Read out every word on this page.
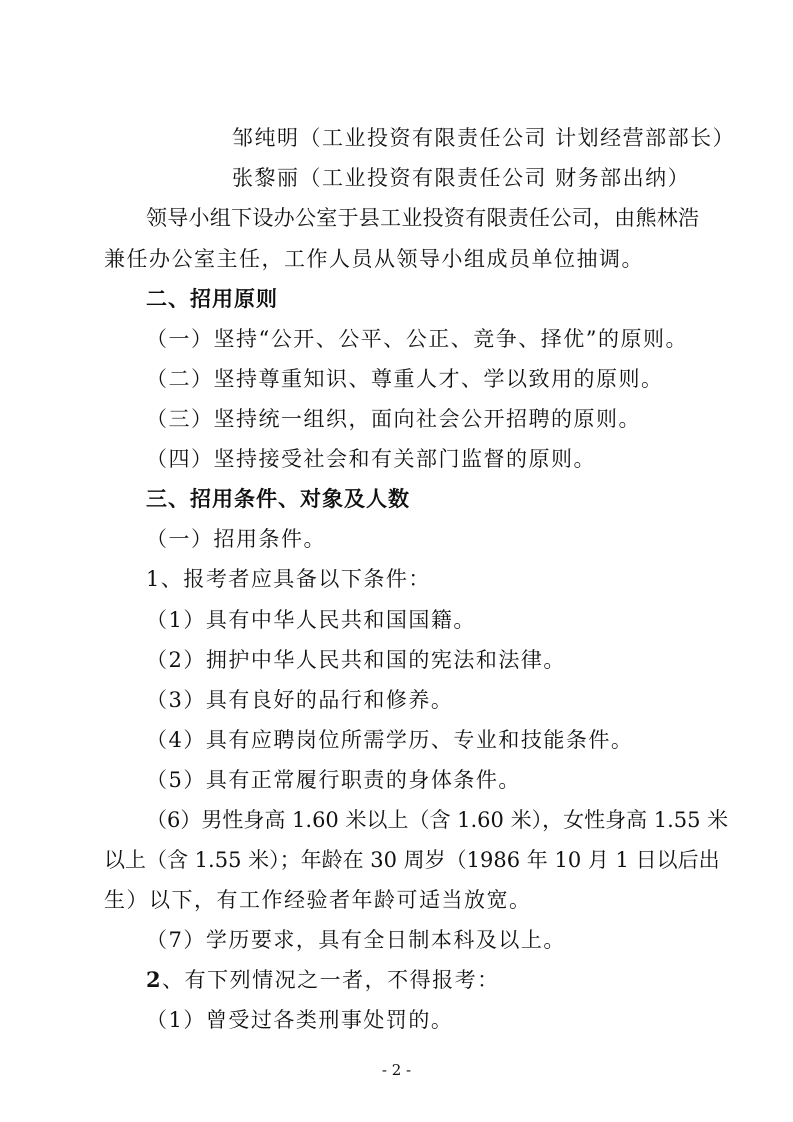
邹纯明（工业投资有限责任公司 计划经营部部长）
张黎丽（工业投资有限责任公司 财务部出纳）
领导小组下设办公室于县工业投资有限责任公司，由熊林浩
兼任办公室主任，工作人员从领导小组成员单位抽调。
二、招用原则
（一）坚持“公开、公平、公正、竞争、择优”的原则。
（二）坚持尊重知识、尊重人才、学以致用的原则。
（三）坚持统一组织，面向社会公开招聘的原则。
（四）坚持接受社会和有关部门监督的原则。
三、招用条件、对象及人数
（一）招用条件。
1、报考者应具备以下条件：
（1）具有中华人民共和国国籍。
（2）拥护中华人民共和国的宪法和法律。
（3）具有良好的品行和修养。
（4）具有应聘岗位所需学历、专业和技能条件。
（5）具有正常履行职责的身体条件。
（6）男性身高 1.60 米以上（含 1.60 米），女性身高 1.55 米
以上（含 1.55 米）；年龄在 30 周岁（1986 年 10 月 1 日以后出
生）以下，有工作经验者年龄可适当放宽。
（7）学历要求，具有全日制本科及以上。
2、有下列情况之一者，不得报考：
（1）曾受过各类刑事处罚的。
- 2 -
